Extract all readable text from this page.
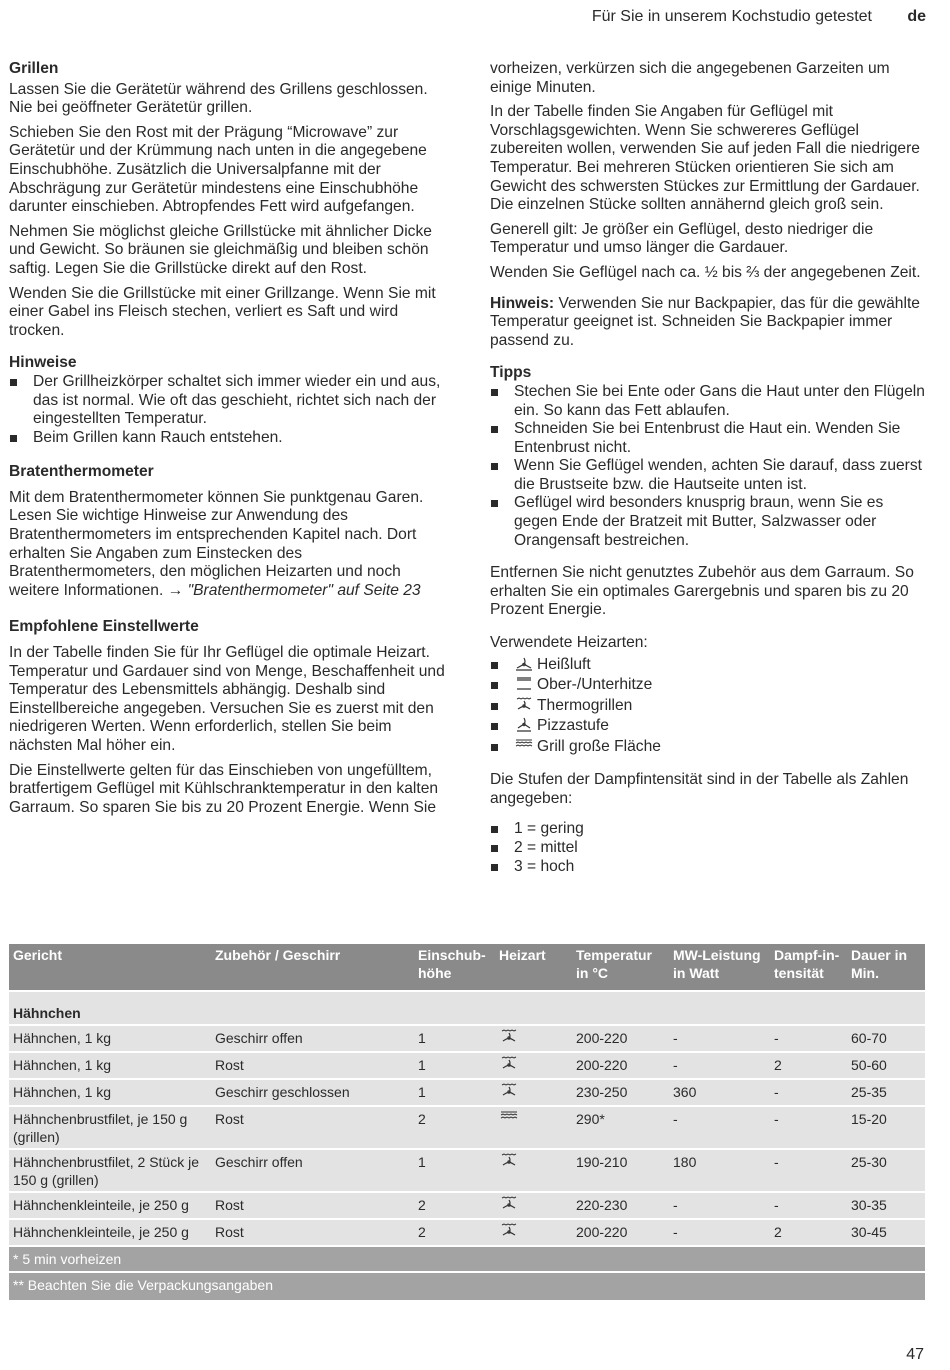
Für Sie in unserem Kochstudio getestet de
Grillen

Lassen Sie die Gerätetür während des Grillens geschlossen. Nie bei geöffneter Gerätetür grillen.

Schieben Sie den Rost mit der Prägung “Microwave” zur Gerätetür und der Krümmung nach unten in die angegebene Einschubhöhe. Zusätzlich die Universalpfanne mit der Abschrägung zur Gerätetür mindestens eine Einschubhöhe darunter einschieben. Abtropfendes Fett wird aufgefangen.

Nehmen Sie möglichst gleiche Grillstücke mit ähnlicher Dicke und Gewicht. So bräunen sie gleichmäßig und bleiben schön saftig. Legen Sie die Grillstücke direkt auf den Rost.

Wenden Sie die Grillstücke mit einer Grillzange. Wenn Sie mit einer Gabel ins Fleisch stechen, verliert es Saft und wird trocken.

Hinweise
Der Grillheizkörper schaltet sich immer wieder ein und aus, das ist normal. Wie oft das geschieht, richtet sich nach der eingestellten Temperatur.
Beim Grillen kann Rauch entstehen.
Bratenthermometer

Mit dem Bratenthermometer können Sie punktgenau Garen. Lesen Sie wichtige Hinweise zur Anwendung des Bratenthermometers im entsprechenden Kapitel nach. Dort erhalten Sie Angaben zum Einstecken des Bratenthermometers, den möglichen Heizarten und noch weitere Informationen. → "Bratenthermometer" auf Seite 23

Empfohlene Einstellwerte

In der Tabelle finden Sie für Ihr Geflügel die optimale Heizart. Temperatur und Gardauer sind von Menge, Beschaffenheit und Temperatur des Lebensmittels abhängig. Deshalb sind Einstellbereiche angegeben. Versuchen Sie es zuerst mit den niedrigeren Werten. Wenn erforderlich, stellen Sie beim nächsten Mal höher ein.

Die Einstellwerte gelten für das Einschieben von ungefülltem, bratfertigem Geflügel mit Kühlschranktemperatur in den kalten Garraum. So sparen Sie bis zu 20 Prozent Energie. Wenn Sie

vorheizen, verkürzen sich die angegebenen Garzeiten um einige Minuten.

In der Tabelle finden Sie Angaben für Geflügel mit Vorschlagsgewichten. Wenn Sie schwereres Geflügel zubereiten wollen, verwenden Sie auf jeden Fall die niedrigere Temperatur. Bei mehreren Stücken orientieren Sie sich am Gewicht des schwersten Stückes zur Ermittlung der Gardauer. Die einzelnen Stücke sollten annähernd gleich groß sein.

Generell gilt: Je größer ein Geflügel, desto niedriger die Temperatur und umso länger die Gardauer.

Wenden Sie Geflügel nach ca. ½ bis ⅔ der angegebenen Zeit.

Hinweis: Verwenden Sie nur Backpapier, das für die gewählte Temperatur geeignet ist. Schneiden Sie Backpapier immer passend zu.

Tipps
Stechen Sie bei Ente oder Gans die Haut unter den Flügeln ein. So kann das Fett ablaufen.
Schneiden Sie bei Entenbrust die Haut ein. Wenden Sie Entenbrust nicht.
Wenn Sie Geflügel wenden, achten Sie darauf, dass zuerst die Brustseite bzw. die Hautseite unten ist.
Geflügel wird besonders knusprig braun, wenn Sie es gegen Ende der Bratzeit mit Butter, Salzwasser oder Orangensaft bestreichen.

Entfernen Sie nicht genutztes Zubehör aus dem Garraum. So erhalten Sie ein optimales Garergebnis und sparen bis zu 20 Prozent Energie.

Verwendete Heizarten:

Heißluft
Ober-/Unterhitze
Thermogrillen
Pizzastufe
Grill große Fläche

Die Stufen der Dampfintensität sind in der Tabelle als Zahlen angegeben:

1 = gering
2 = mittel
3 = hoch
Gericht	Zubehör / Geschirr	Einschub-höhe	Heizart	Temperatur in °C	MW-Leistung in Watt	Dampf-in-tensität	Dauer in Min.
Hähnchen							
Hähnchen, 1 kg	Geschirr offen	1		200-220	-	-	60-70
Hähnchen, 1 kg	Rost	1		200-220	-	2	50-60
Hähnchen, 1 kg	Geschirr geschlossen	1		230-250	360	-	25-35
Hähnchenbrustfilet, je 150 g (grillen)	Rost	2		290*	-	-	15-20
Hähnchenbrustfilet, 2 Stück je 150 g (grillen)	Geschirr offen	1		190-210	180	-	25-30
Hähnchenkleinteile, je 250 g	Rost	2		220-230	-	-	30-35
Hähnchenkleinteile, je 250 g	Rost	2		200-220	-	2	30-45
* 5 min vorheizen							
** Beachten Sie die Verpackungsangaben							
47
